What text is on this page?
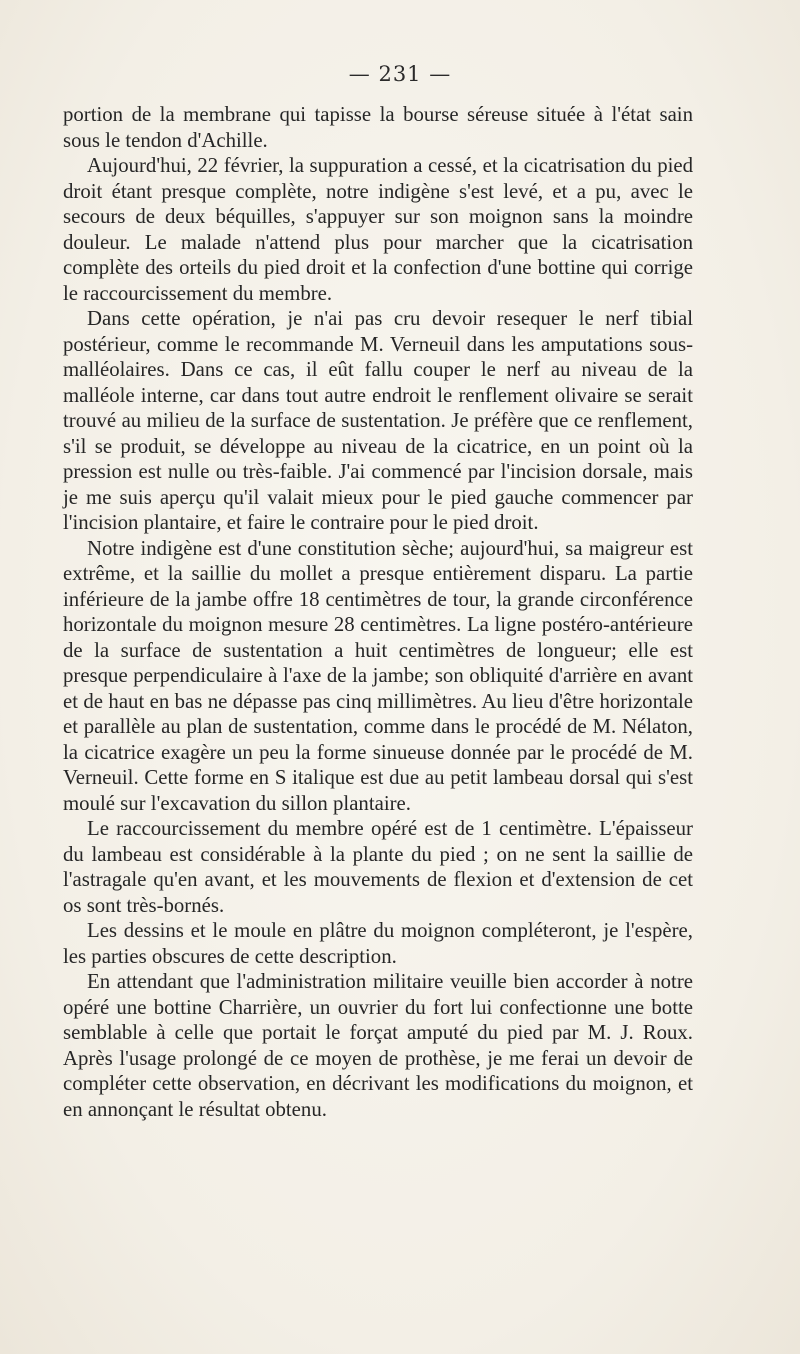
— 231 —

portion de la membrane qui tapisse la bourse séreuse située à l'état sain sous le tendon d'Achille.

Aujourd'hui, 22 février, la suppuration a cessé, et la cicatrisation du pied droit étant presque complète, notre indigène s'est levé, et a pu, avec le secours de deux béquilles, s'appuyer sur son moignon sans la moindre douleur. Le malade n'attend plus pour marcher que la cicatrisation complète des orteils du pied droit et la confection d'une bottine qui corrige le raccourcissement du membre.

Dans cette opération, je n'ai pas cru devoir resequer le nerf tibial postérieur, comme le recommande M. Verneuil dans les amputations sous-malléolaires. Dans ce cas, il eût fallu couper le nerf au niveau de la malléole interne, car dans tout autre endroit le renflement olivaire se serait trouvé au milieu de la surface de sustentation. Je préfère que ce renflement, s'il se produit, se développe au niveau de la cicatrice, en un point où la pression est nulle ou très-faible. J'ai commencé par l'incision dorsale, mais je me suis aperçu qu'il valait mieux pour le pied gauche commencer par l'incision plantaire, et faire le contraire pour le pied droit.

Notre indigène est d'une constitution sèche; aujourd'hui, sa maigreur est extrême, et la saillie du mollet a presque entièrement disparu. La partie inférieure de la jambe offre 18 centimètres de tour, la grande circonférence horizontale du moignon mesure 28 centimètres. La ligne postéro-antérieure de la surface de sustentation a huit centimètres de longueur; elle est presque perpendiculaire à l'axe de la jambe; son obliquité d'arrière en avant et de haut en bas ne dépasse pas cinq millimètres. Au lieu d'être horizontale et parallèle au plan de sustentation, comme dans le procédé de M. Nélaton, la cicatrice exagère un peu la forme sinueuse donnée par le procédé de M. Verneuil. Cette forme en S italique est due au petit lambeau dorsal qui s'est moulé sur l'excavation du sillon plantaire.

Le raccourcissement du membre opéré est de 1 centimètre. L'épaisseur du lambeau est considérable à la plante du pied ; on ne sent la saillie de l'astragale qu'en avant, et les mouvements de flexion et d'extension de cet os sont très-bornés.

Les dessins et le moule en plâtre du moignon compléteront, je l'espère, les parties obscures de cette description.

En attendant que l'administration militaire veuille bien accorder à notre opéré une bottine Charrière, un ouvrier du fort lui confectionne une botte semblable à celle que portait le forçat amputé du pied par M. J. Roux. Après l'usage prolongé de ce moyen de prothèse, je me ferai un devoir de compléter cette observation, en décrivant les modifications du moignon, et en annonçant le résultat obtenu.
